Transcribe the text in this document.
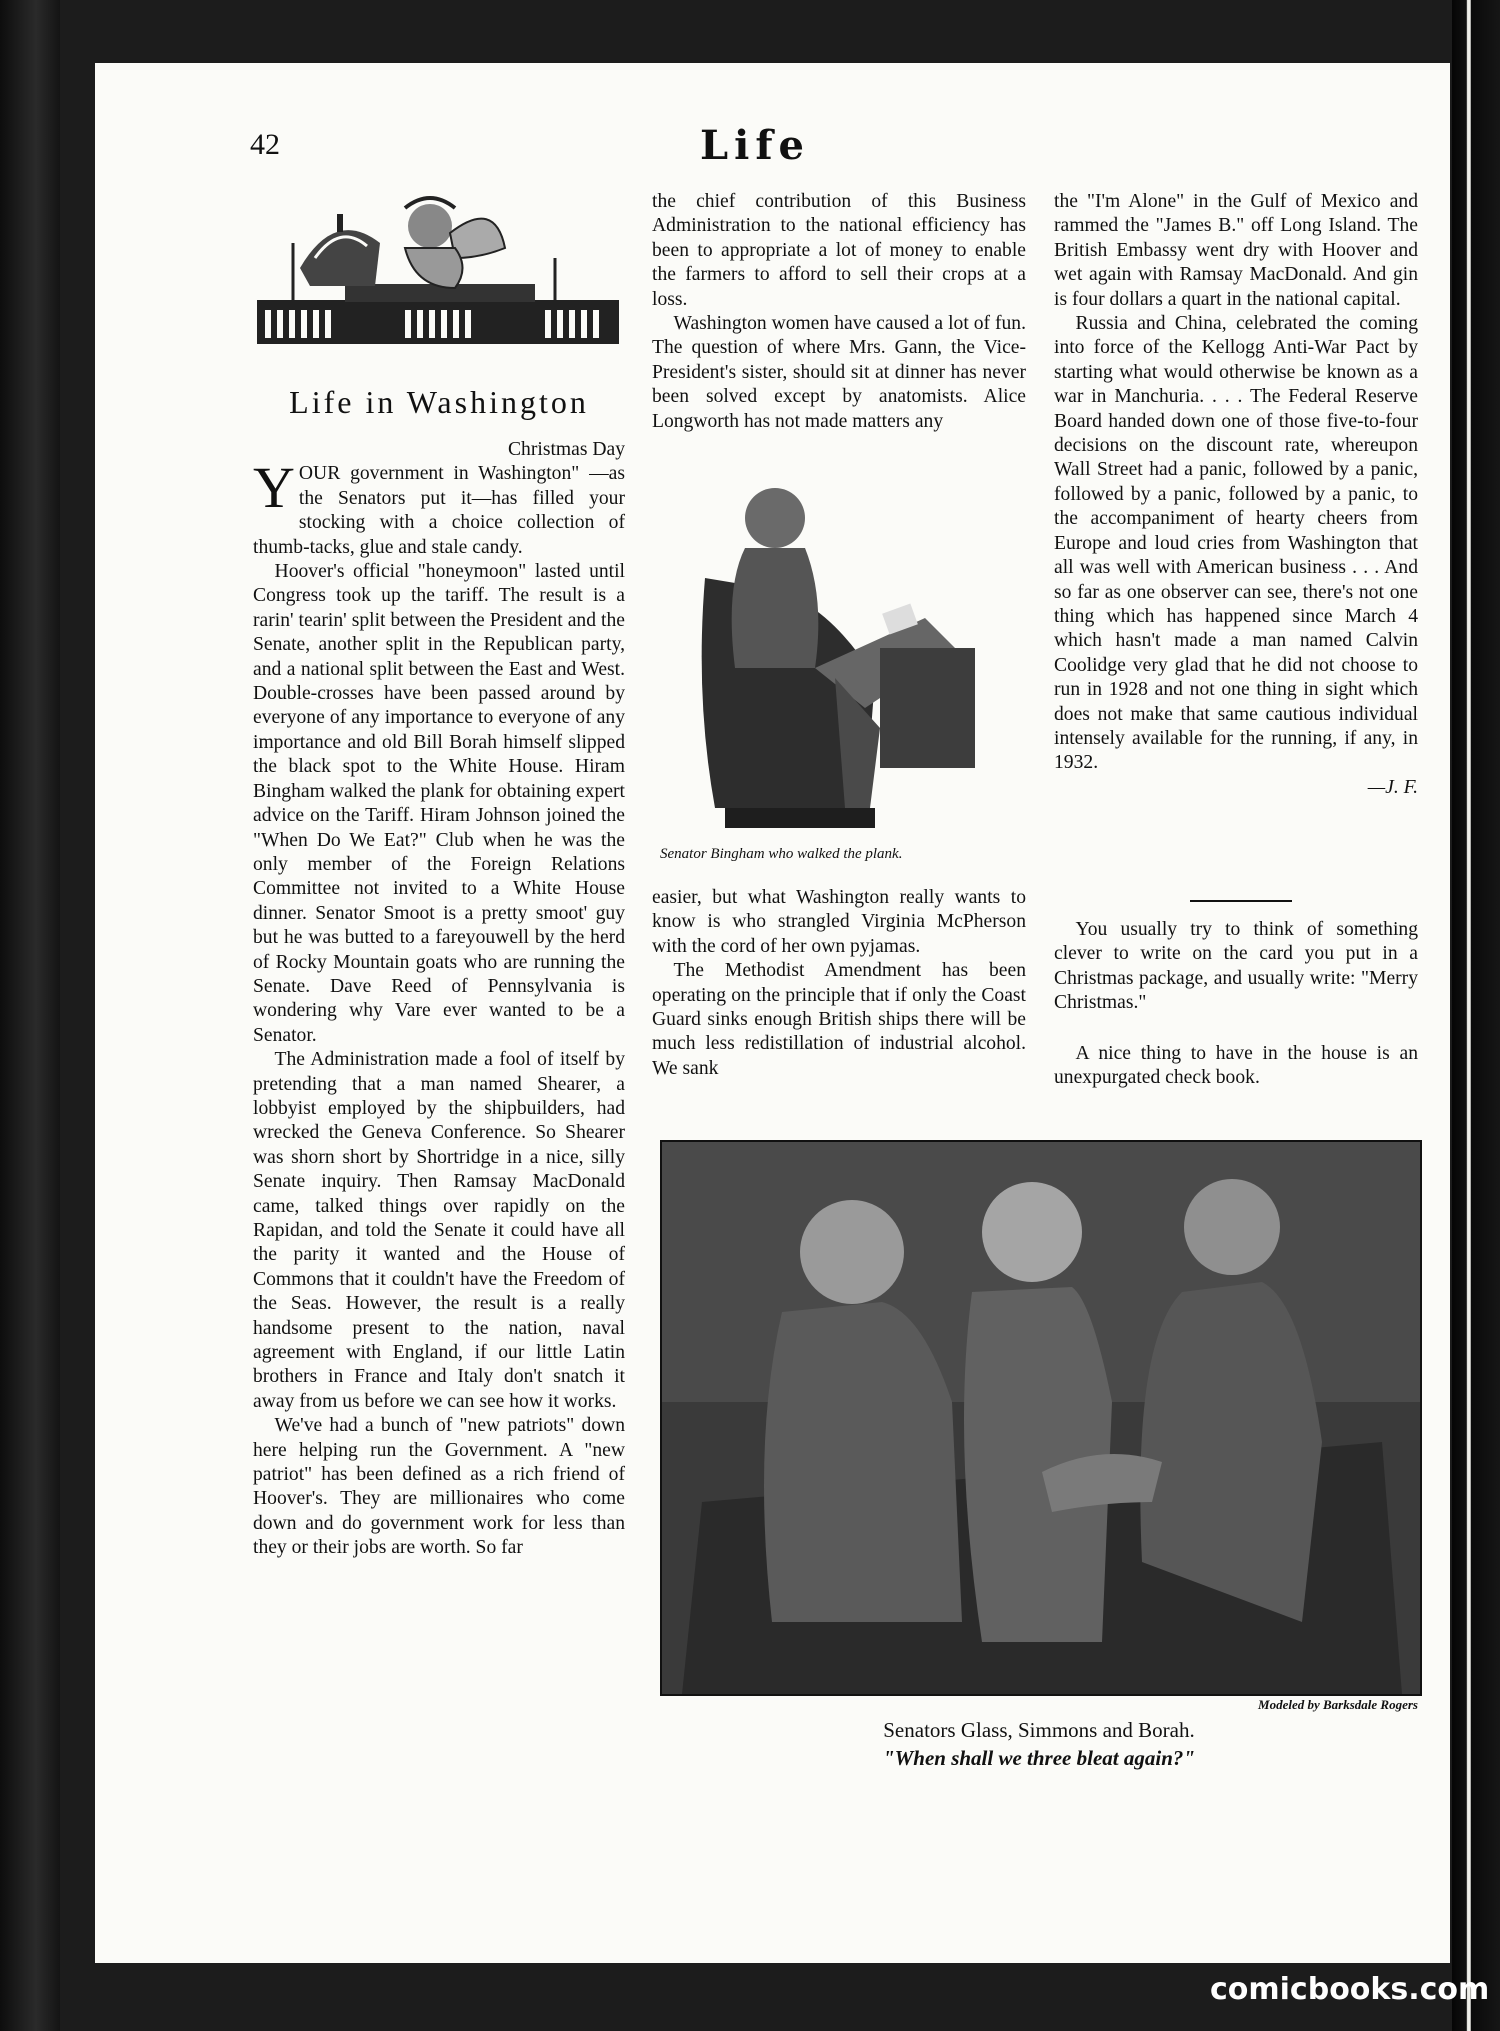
42	Life
Life in Washington

Christmas Day

YOUR government in Washington" —as the Senators put it—has filled your stocking with a choice collection of thumb-tacks, glue and stale candy.

Hoover's official "honeymoon" lasted until Congress took up the tariff. The result is a rarin' tearin' split between the President and the Senate, another split in the Republican party, and a national split between the East and West. Double-crosses have been passed around by everyone of any importance to everyone of any importance and old Bill Borah himself slipped the black spot to the White House. Hiram Bingham walked the plank for obtaining expert advice on the Tariff. Hiram Johnson joined the "When Do We Eat?" Club when he was the only member of the Foreign Relations Committee not invited to a White House dinner. Senator Smoot is a pretty smoot' guy but he was butted to a fareyouwell by the herd of Rocky Mountain goats who are running the Senate. Dave Reed of Pennsylvania is wondering why Vare ever wanted to be a Senator.

The Administration made a fool of itself by pretending that a man named Shearer, a lobbyist employed by the shipbuilders, had wrecked the Geneva Conference. So Shearer was shorn short by Shortridge in a nice, silly Senate inquiry. Then Ramsay MacDonald came, talked things over rapidly on the Rapidan, and told the Senate it could have all the parity it wanted and the House of Commons that it couldn't have the Freedom of the Seas. However, the result is a really handsome present to the nation, naval agreement with England, if our little Latin brothers in France and Italy don't snatch it away from us before we can see how it works.

We've had a bunch of "new patriots" down here helping run the Government. A "new patriot" has been defined as a rich friend of Hoover's. They are millionaires who come down and do government work for less than they or their jobs are worth. So far

the chief contribution of this Business Administration to the national efficiency has been to appropriate a lot of money to enable the farmers to afford to sell their crops at a loss.

Washington women have caused a lot of fun. The question of where Mrs. Gann, the Vice-President's sister, should sit at dinner has never been solved except by anatomists. Alice Longworth has not made matters any

Senator Bingham who walked the plank.

easier, but what Washington really wants to know is who strangled Virginia McPherson with the cord of her own pyjamas.

The Methodist Amendment has been operating on the principle that if only the Coast Guard sinks enough British ships there will be much less redistillation of industrial alcohol. We sank

the "I'm Alone" in the Gulf of Mexico and rammed the "James B." off Long Island. The British Embassy went dry with Hoover and wet again with Ramsay MacDonald. And gin is four dollars a quart in the national capital.

Russia and China, celebrated the coming into force of the Kellogg Anti-War Pact by starting what would otherwise be known as a war in Manchuria. . . . The Federal Reserve Board handed down one of those five-to-four decisions on the discount rate, whereupon Wall Street had a panic, followed by a panic, followed by a panic, followed by a panic, to the accompaniment of hearty cheers from Europe and loud cries from Washington that all was well with American business . . . And so far as one observer can see, there's not one thing which has happened since March 4 which hasn't made a man named Calvin Coolidge very glad that he did not choose to run in 1928 and not one thing in sight which does not make that same cautious individual intensely available for the running, if any, in 1932.

—J. F.

You usually try to think of something clever to write on the card you put in a Christmas package, and usually write: "Merry Christmas."

A nice thing to have in the house is an unexpurgated check book.

Modeled by Barksdale Rogers
Senators Glass, Simmons and Borah.
"When shall we three bleat again?"
comicbooks.com
